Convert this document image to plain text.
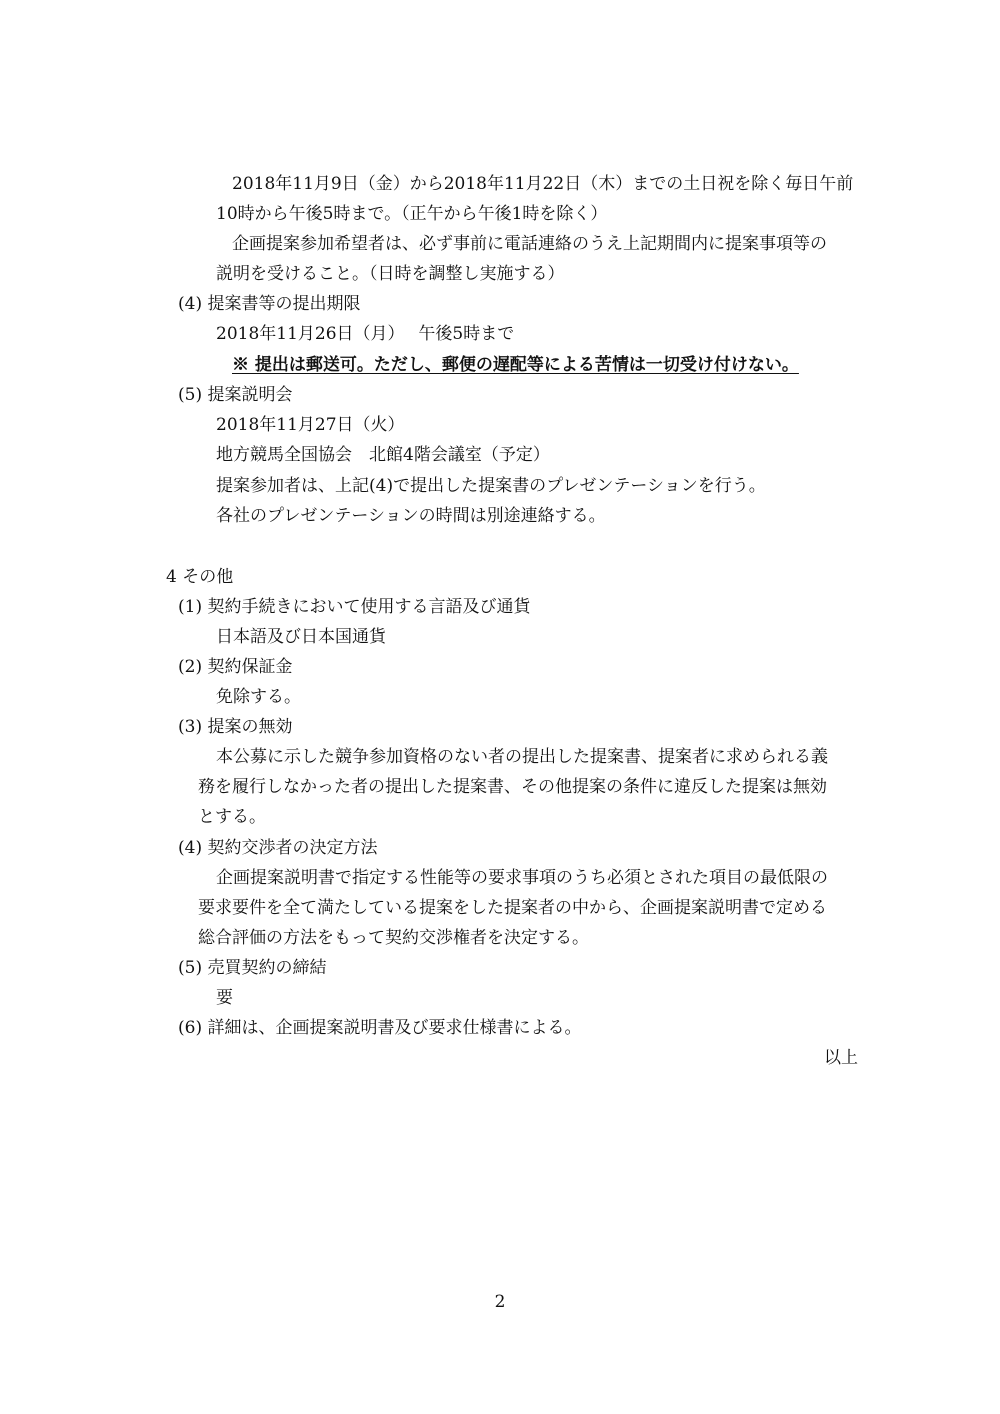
2018年11月9日（金）から2018年11月22日（木）までの土日祝を除く毎日午前
10時から午後5時まで。（正午から午後1時を除く）
企画提案参加希望者は、必ず事前に電話連絡のうえ上記期間内に提案事項等の
説明を受けること。（日時を調整し実施する）
(4) 提案書等の提出期限
2018年11月26日（月）　 午後5時まで
※ 提出は郵送可。ただし、郵便の遅配等による苦情は一切受け付けない。
(5) 提案説明会
2018年11月27日（火）
地方競馬全国協会　北館4階会議室（予定）
提案参加者は、上記(4)で提出した提案書のプレゼンテーションを行う。
各社のプレゼンテーションの時間は別途連絡する。
4 その他
(1) 契約手続きにおいて使用する言語及び通貨
日本語及び日本国通貨
(2) 契約保証金
免除する。
(3) 提案の無効
本公募に示した競争参加資格のない者の提出した提案書、提案者に求められる義
務を履行しなかった者の提出した提案書、その他提案の条件に違反した提案は無効
とする。
(4) 契約交渉者の決定方法
企画提案説明書で指定する性能等の要求事項のうち必須とされた項目の最低限の
要求要件を全て満たしている提案をした提案者の中から、企画提案説明書で定める
総合評価の方法をもって契約交渉権者を決定する。
(5) 売買契約の締結
要
(6) 詳細は、企画提案説明書及び要求仕様書による。
以上
2
